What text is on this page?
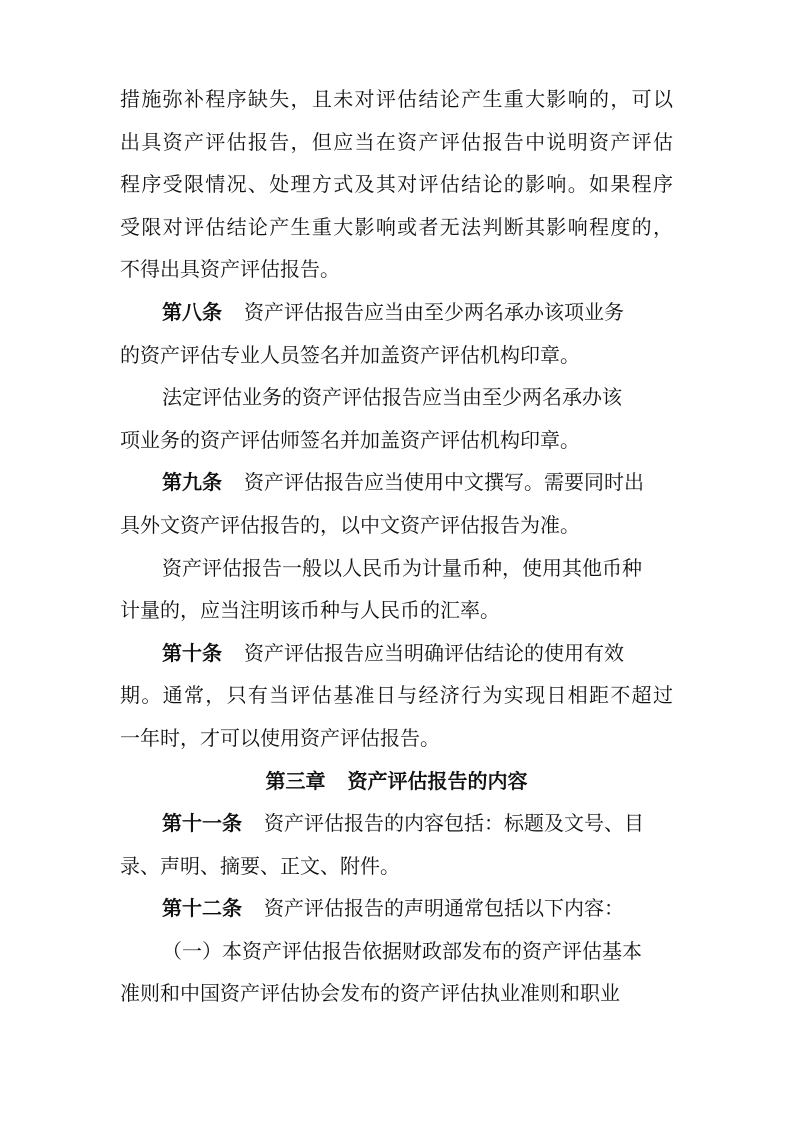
措施弥补程序缺失，且未对评估结论产生重大影响的，可以
出具资产评估报告，但应当在资产评估报告中说明资产评估
程序受限情况、处理方式及其对评估结论的影响。如果程序
受限对评估结论产生重大影响或者无法判断其影响程度的，
不得出具资产评估报告。
第八条 资产评估报告应当由至少两名承办该项业务
的资产评估专业人员签名并加盖资产评估机构印章。
法定评估业务的资产评估报告应当由至少两名承办该
项业务的资产评估师签名并加盖资产评估机构印章。
第九条 资产评估报告应当使用中文撰写。需要同时出
具外文资产评估报告的，以中文资产评估报告为准。
资产评估报告一般以人民币为计量币种，使用其他币种
计量的，应当注明该币种与人民币的汇率。
第十条 资产评估报告应当明确评估结论的使用有效
期。通常，只有当评估基准日与经济行为实现日相距不超过
一年时，才可以使用资产评估报告。
第三章 资产评估报告的内容
第十一条 资产评估报告的内容包括：标题及文号、目
录、声明、摘要、正文、附件。
第十二条 资产评估报告的声明通常包括以下内容：
（一）本资产评估报告依据财政部发布的资产评估基本
准则和中国资产评估协会发布的资产评估执业准则和职业
